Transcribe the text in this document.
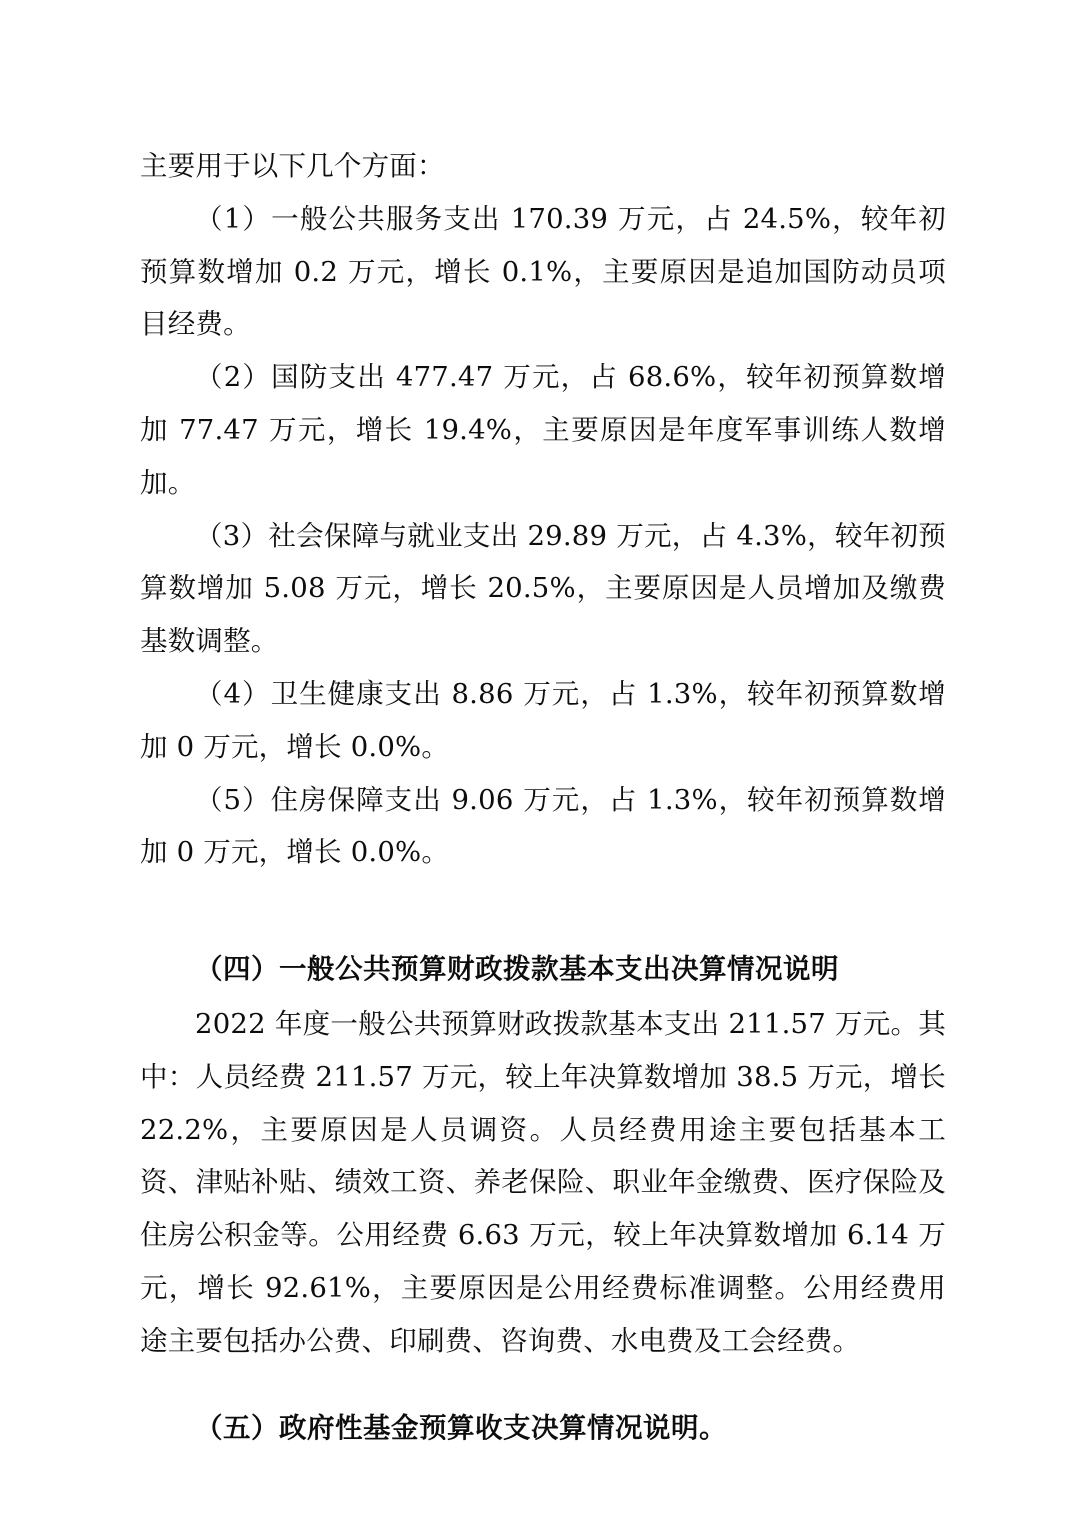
主要用于以下几个方面：

（1）一般公共服务支出 170.39 万元，占 24.5%，较年初预算数增加 0.2 万元，增长 0.1%，主要原因是追加国防动员项目经费。

（2）国防支出 477.47 万元，占 68.6%，较年初预算数增加 77.47 万元，增长 19.4%，主要原因是年度军事训练人数增加。

（3）社会保障与就业支出 29.89 万元，占 4.3%，较年初预算数增加 5.08 万元，增长 20.5%，主要原因是人员增加及缴费基数调整。

（4）卫生健康支出 8.86 万元，占 1.3%，较年初预算数增加 0 万元，增长 0.0%。

（5）住房保障支出 9.06 万元，占 1.3%，较年初预算数增加 0 万元，增长 0.0%。

（四）一般公共预算财政拨款基本支出决算情况说明

2022 年度一般公共预算财政拨款基本支出 211.57 万元。其中：人员经费 211.57 万元，较上年决算数增加 38.5 万元，增长 22.2%，主要原因是人员调资。人员经费用途主要包括基本工资、津贴补贴、绩效工资、养老保险、职业年金缴费、医疗保险及住房公积金等。公用经费 6.63 万元，较上年决算数增加 6.14 万元，增长 92.61%，主要原因是公用经费标准调整。公用经费用途主要包括办公费、印刷费、咨询费、水电费及工会经费。

（五）政府性基金预算收支决算情况说明。
